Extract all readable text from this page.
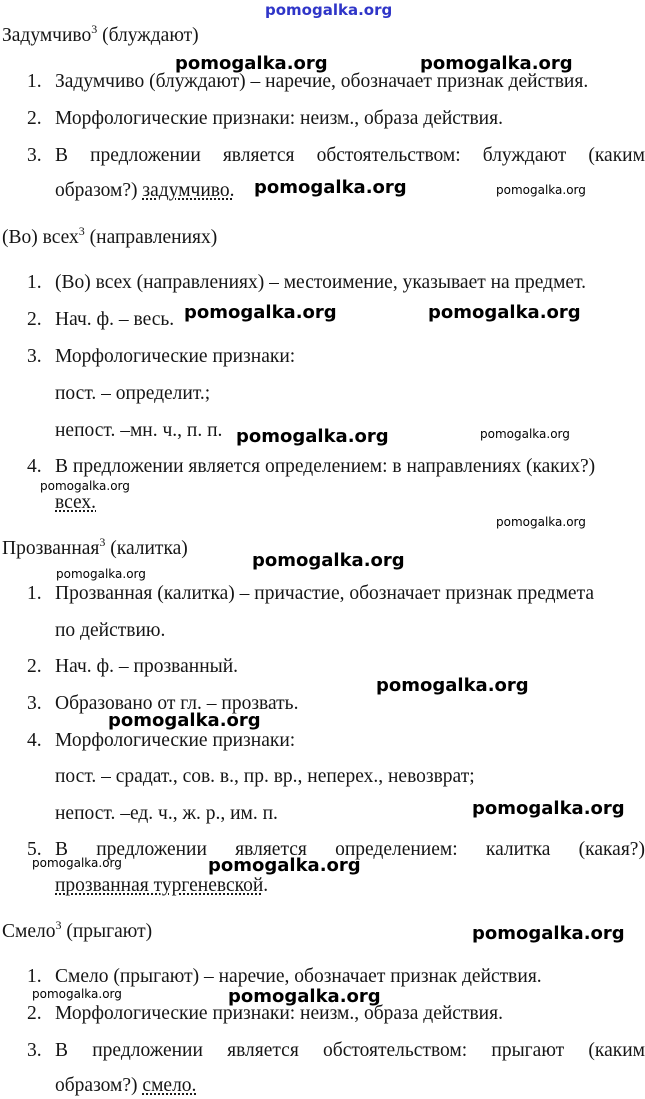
pomogalka.org
Задумчиво$^3$ (блуждают)
1. Задумчиво (блуждают) – наречие, обозначает признак действия.
2. Морфологические признаки: неизм., образа действия.
3. В предложении является обстоятельством: блуждают (каким
образом?) задумчиво.
(Во) всех$^3$ (направлениях)
1. (Во) всех (направлениях) – местоимение, указывает на предмет.
2. Нач. ф. – весь.
3. Морфологические признаки:
пост. – определит.;
непост. –мн. ч., п. п.
4. В предложении является определением: в направлениях (каких?)
всех.
Прозванная$^3$ (калитка)
1. Прозванная (калитка) – причастие, обозначает признак предмета
по действию.
2. Нач. ф. – прозванный.
3. Образовано от гл. – прозвать.
4. Морфологические признаки:
пост. – срадат., сов. в., пр. вр., неперех., невозврат;
непост. –ед. ч., ж. р., им. п.
5. В предложении является определением: калитка (какая?)
прозванная тургеневской.
Смело$^3$ (прыгают)
1. Смело (прыгают) – наречие, обозначает признак действия.
2. Морфологические признаки: неизм., образа действия.
3. В предложении является обстоятельством: прыгают (каким
образом?) смело.
pomogalka.org	pomogalka.org
pomogalka.org	pomogalka.org
pomogalka.org	pomogalka.org
pomogalka.org	pomogalka.org
pomogalka.org
pomogalka.org
pomogalka.org
pomogalka.org
pomogalka.org
pomogalka.org
pomogalka.org
pomogalka.org	pomogalka.org
pomogalka.org
pomogalka.org	pomogalka.org
